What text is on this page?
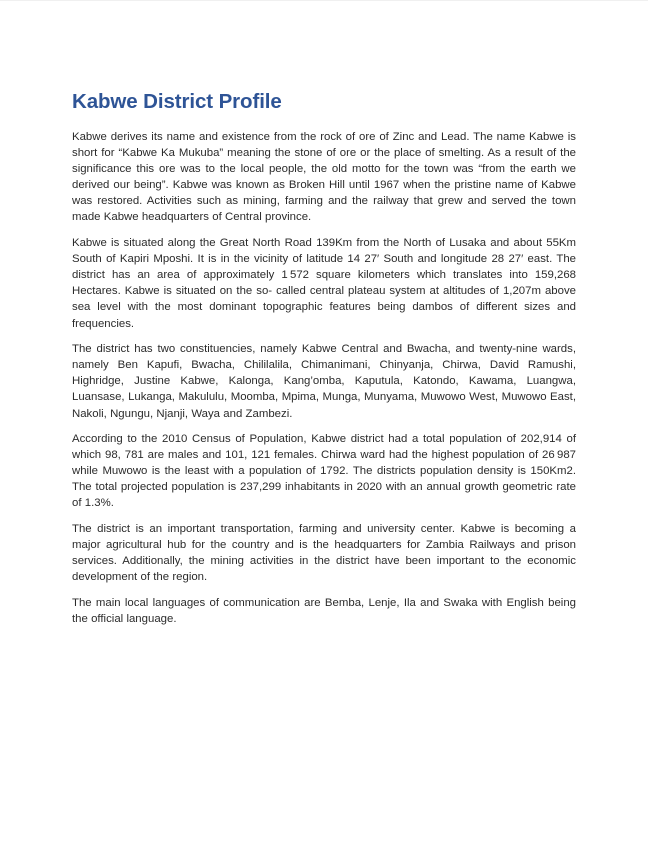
Kabwe District Profile

Kabwe derives its name and existence from the rock of ore of Zinc and Lead. The name Kabwe is short for “Kabwe Ka Mukuba” meaning the stone of ore or the place of smelting. As a result of the significance this ore was to the local people, the old motto for the town was “from the earth we derived our being”. Kabwe was known as Broken Hill until 1967 when the pristine name of Kabwe was restored. Activities such as mining, farming and the railway that grew and served the town made Kabwe headquarters of Central province.

Kabwe is situated along the Great North Road 139Km from the North of Lusaka and about 55Km South of Kapiri Mposhi. It is in the vicinity of latitude 14 27′ South and longitude 28 27′ east. The district has an area of approximately 1 572 square kilometers which translates into 159,268 Hectares. Kabwe is situated on the so- called central plateau system at altitudes of 1,207m above sea level with the most dominant topographic features being dambos of different sizes and frequencies.

The district has two constituencies, namely Kabwe Central and Bwacha, and twenty-nine wards, namely Ben Kapufi, Bwacha, Chililalila, Chimanimani, Chinyanja, Chirwa, David Ramushi, Highridge, Justine Kabwe, Kalonga, Kang’omba, Kaputula, Katondo, Kawama, Luangwa, Luansase, Lukanga, Makululu, Moomba, Mpima, Munga, Munyama, Muwowo West, Muwowo East, Nakoli, Ngungu, Njanji, Waya and Zambezi.

According to the 2010 Census of Population, Kabwe district had a total population of 202,914 of which 98, 781 are males and 101, 121 females. Chirwa ward had the highest population of 26 987 while Muwowo is the least with a population of 1792. The districts population density is 150Km2. The total projected population is 237,299 inhabitants in 2020 with an annual growth geometric rate of 1.3%.

The district is an important transportation, farming and university center. Kabwe is becoming a major agricultural hub for the country and is the headquarters for Zambia Railways and prison services. Additionally, the mining activities in the district have been important to the economic development of the region.

The main local languages of communication are Bemba, Lenje, Ila and Swaka with English being the official language.
